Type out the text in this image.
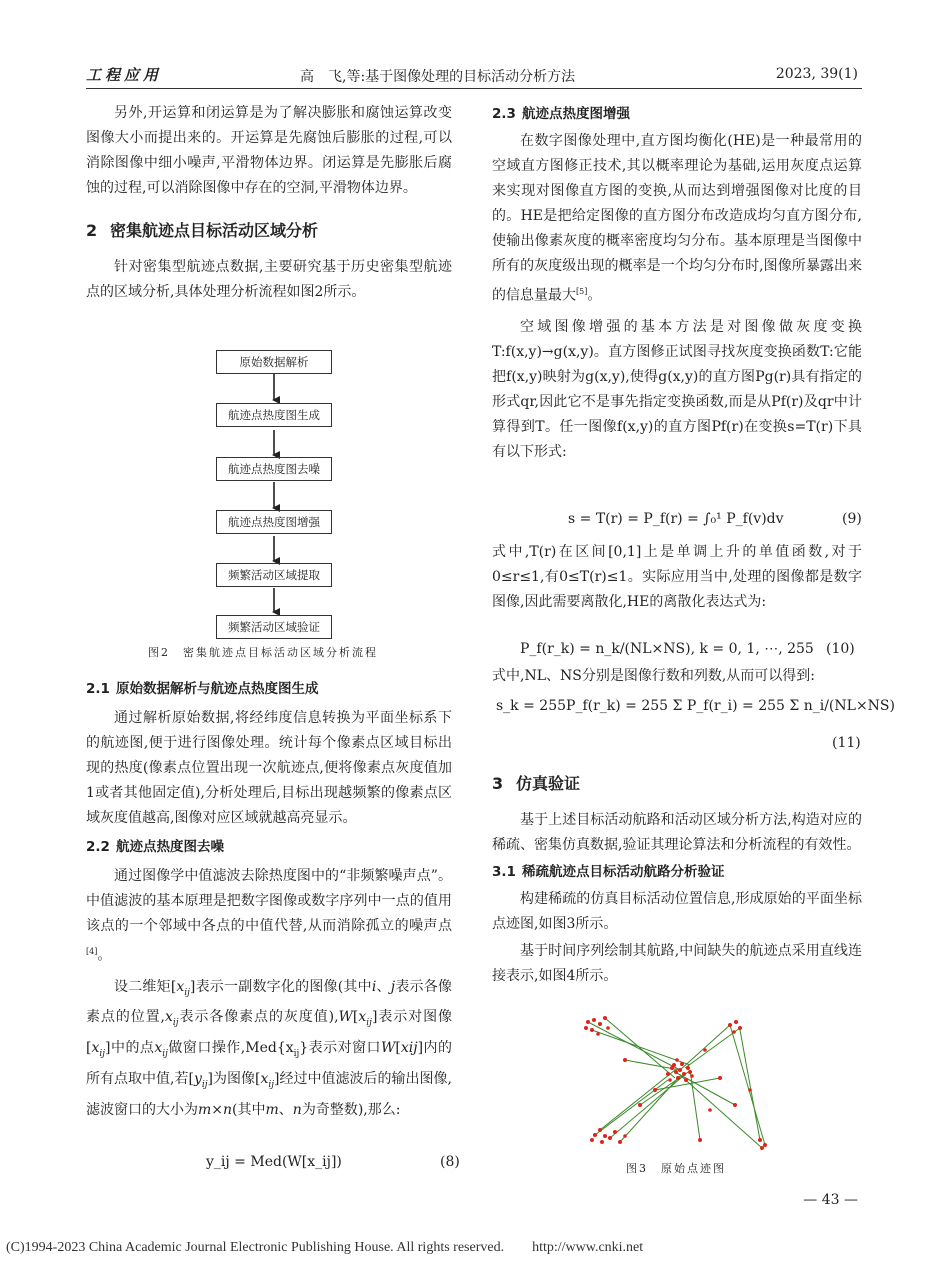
工程应用	高　飞,等:基于图像处理的目标活动分析方法	2023, 39(1)

另外,开运算和闭运算是为了解决膨胀和腐蚀运算改变图像大小而提出来的。开运算是先腐蚀后膨胀的过程,可以消除图像中细小噪声,平滑物体边界。闭运算是先膨胀后腐蚀的过程,可以消除图像中存在的空洞,平滑物体边界。

2 密集航迹点目标活动区域分析

针对密集型航迹点数据,主要研究基于历史密集型航迹点的区域分析,具体处理分析流程如图2所示。

原始数据解析
航迹点热度图生成
航迹点热度图去噪
航迹点热度图增强
频繁活动区域提取
频繁活动区域验证
图2　密集航迹点目标活动区域分析流程
2.1 原始数据解析与航迹点热度图生成

通过解析原始数据,将经纬度信息转换为平面坐标系下的航迹图,便于进行图像处理。统计每个像素点区域目标出现的热度(像素点位置出现一次航迹点,便将像素点灰度值加1或者其他固定值),分析处理后,目标出现越频繁的像素点区域灰度值越高,图像对应区域就越高亮显示。

2.2 航迹点热度图去噪

通过图像学中值滤波去除热度图中的“非频繁噪声点”。中值滤波的基本原理是把数字图像或数字序列中一点的值用该点的一个邻域中各点的中值代替,从而消除孤立的噪声点[4]。

设二维矩$[x_{ij}]$表示一副数字化的图像(其中i、j表示各像素点的位置$,x_{ij}$表示各像素点的灰度值)$,W[x_{ij}]$表示对图像$[x_{ij}]$中的点$x_{ij}$做窗口操作$,Med\{x_{ij}\}$表示对窗口W[xij]内的所有点取中值,若$[y_{ij}]$为图像$[x_{ij}]$经过中值滤波后的输出图像,滤波窗口的大小为m×n(其中m、n为奇整数),那么:

y_ij = Med(W[x_ij])	(8)
2.3 航迹点热度图增强

在数字图像处理中,直方图均衡化(HE)是一种最常用的空域直方图修正技术,其以概率理论为基础,运用灰度点运算来实现对图像直方图的变换,从而达到增强图像对比度的目的。HE是把给定图像的直方图分布改造成均匀直方图分布,使输出像素灰度的概率密度均匀分布。基本原理是当图像中所有的灰度级出现的概率是一个均匀分布时,图像所暴露出来的信息量最大[5]。

空域图像增强的基本方法是对图像做灰度变换T:f(x,y)→g(x,y)。直方图修正试图寻找灰度变换函数T:它能把f(x,y)映射为g(x,y),使得g(x,y)的直方图Pg(r)具有指定的形式qr,因此它不是事先指定变换函数,而是从Pf(r)及qr中计算得到T。任一图像f(x,y)的直方图Pf(r)在变换s=T(r)下具有以下形式:

s = T(r) = P_f(r) = ∫₀¹ P_f(v)dv	(9)

式中,T(r)在区间[0,1]上是单调上升的单值函数,对于0≤r≤1,有0≤T(r)≤1。实际应用当中,处理的图像都是数字图像,因此需要离散化,HE的离散化表达式为:

P_f(r_k) = n_k/(NL×NS), k = 0, 1, ⋯, 255 (10)

式中,NL、NS分别是图像行数和列数,从而可以得到:

s_k = 255P_f(r_k) = 255 Σ P_f(r_i) = 255 Σ n_i/(NL×NS)
(11)
3 仿真验证

基于上述目标活动航路和活动区域分析方法,构造对应的稀疏、密集仿真数据,验证其理论算法和分析流程的有效性。

3.1 稀疏航迹点目标活动航路分析验证

构建稀疏的仿真目标活动位置信息,形成原始的平面坐标点迹图,如图3所示。

基于时间序列绘制其航路,中间缺失的航迹点采用直线连接表示,如图4所示。

图3　原始点迹图
— 43 —
(C)1994-2023 China Academic Journal Electronic Publishing House. All rights reserved.　　http://www.cnki.net
